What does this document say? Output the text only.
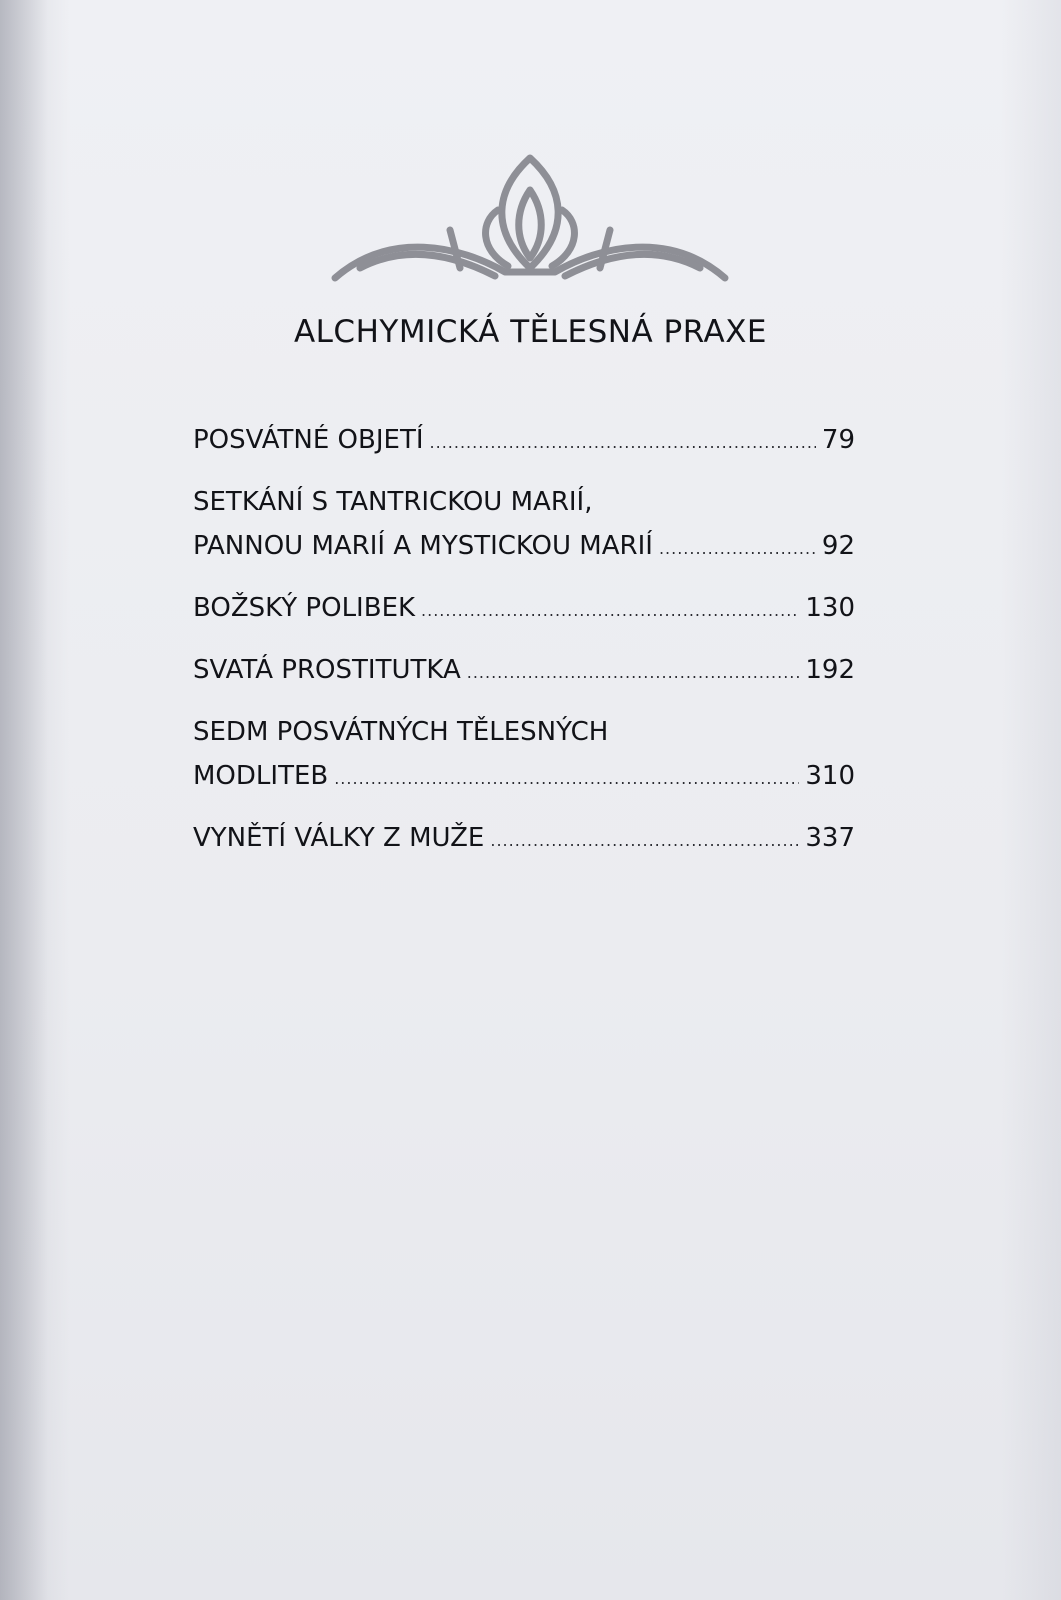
ALCHYMICKÁ TĚLESNÁ PRAXE
POSVÁTNÉ OBJETÍ .....	79
SETKÁNÍ S TANTRICKOU MARIÍ,
PANNOU MARIÍ A MYSTICKOU MARIÍ .....	92
BOŽSKÝ POLIBEK .....	130
SVATÁ PROSTITUTKA .....	192
SEDM POSVÁTNÝCH TĚLESNÝCH
MODLITEB .....	310
VYNĚTÍ VÁLKY Z MUŽE .....	337
